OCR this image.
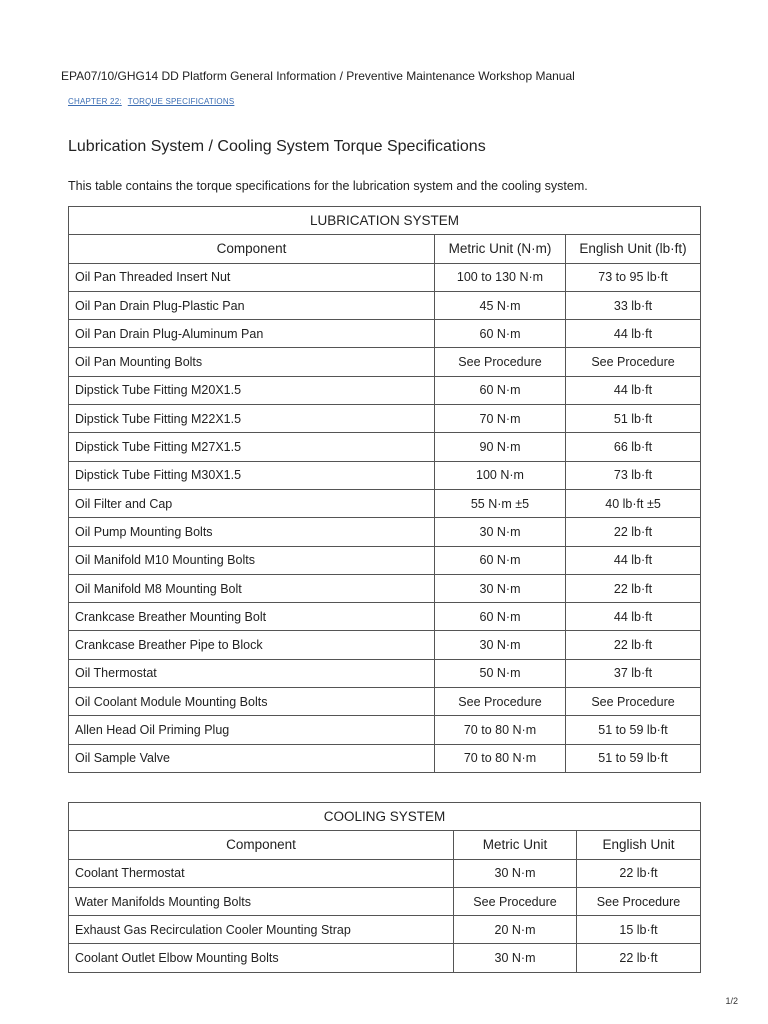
EPA07/10/GHG14 DD Platform General Information / Preventive Maintenance Workshop Manual
CHAPTER 22: TORQUE SPECIFICATIONS
Lubrication System / Cooling System Torque Specifications
This table contains the torque specifications for the lubrication system and the cooling system.
LUBRICATION SYSTEM		
Component	Metric Unit (N·m)	English Unit (lb·ft)
Oil Pan Threaded Insert Nut	100 to 130 N·m	73 to 95 lb·ft
Oil Pan Drain Plug-Plastic Pan	45 N·m	33 lb·ft
Oil Pan Drain Plug-Aluminum Pan	60 N·m	44 lb·ft
Oil Pan Mounting Bolts	See Procedure	See Procedure
Dipstick Tube Fitting M20X1.5	60 N·m	44 lb·ft
Dipstick Tube Fitting M22X1.5	70 N·m	51 lb·ft
Dipstick Tube Fitting M27X1.5	90 N·m	66 lb·ft
Dipstick Tube Fitting M30X1.5	100 N·m	73 lb·ft
Oil Filter and Cap	55 N·m ±5	40 lb·ft ±5
Oil Pump Mounting Bolts	30 N·m	22 lb·ft
Oil Manifold M10 Mounting Bolts	60 N·m	44 lb·ft
Oil Manifold M8 Mounting Bolt	30 N·m	22 lb·ft
Crankcase Breather Mounting Bolt	60 N·m	44 lb·ft
Crankcase Breather Pipe to Block	30 N·m	22 lb·ft
Oil Thermostat	50 N·m	37 lb·ft
Oil Coolant Module Mounting Bolts	See Procedure	See Procedure
Allen Head Oil Priming Plug	70 to 80 N·m	51 to 59 lb·ft
Oil Sample Valve	70 to 80 N·m	51 to 59 lb·ft
COOLING SYSTEM		
Component	Metric Unit	English Unit
Coolant Thermostat	30 N·m	22 lb·ft
Water Manifolds Mounting Bolts	See Procedure	See Procedure
Exhaust Gas Recirculation Cooler Mounting Strap	20 N·m	15 lb·ft
Coolant Outlet Elbow Mounting Bolts	30 N·m	22 lb·ft
1/2
